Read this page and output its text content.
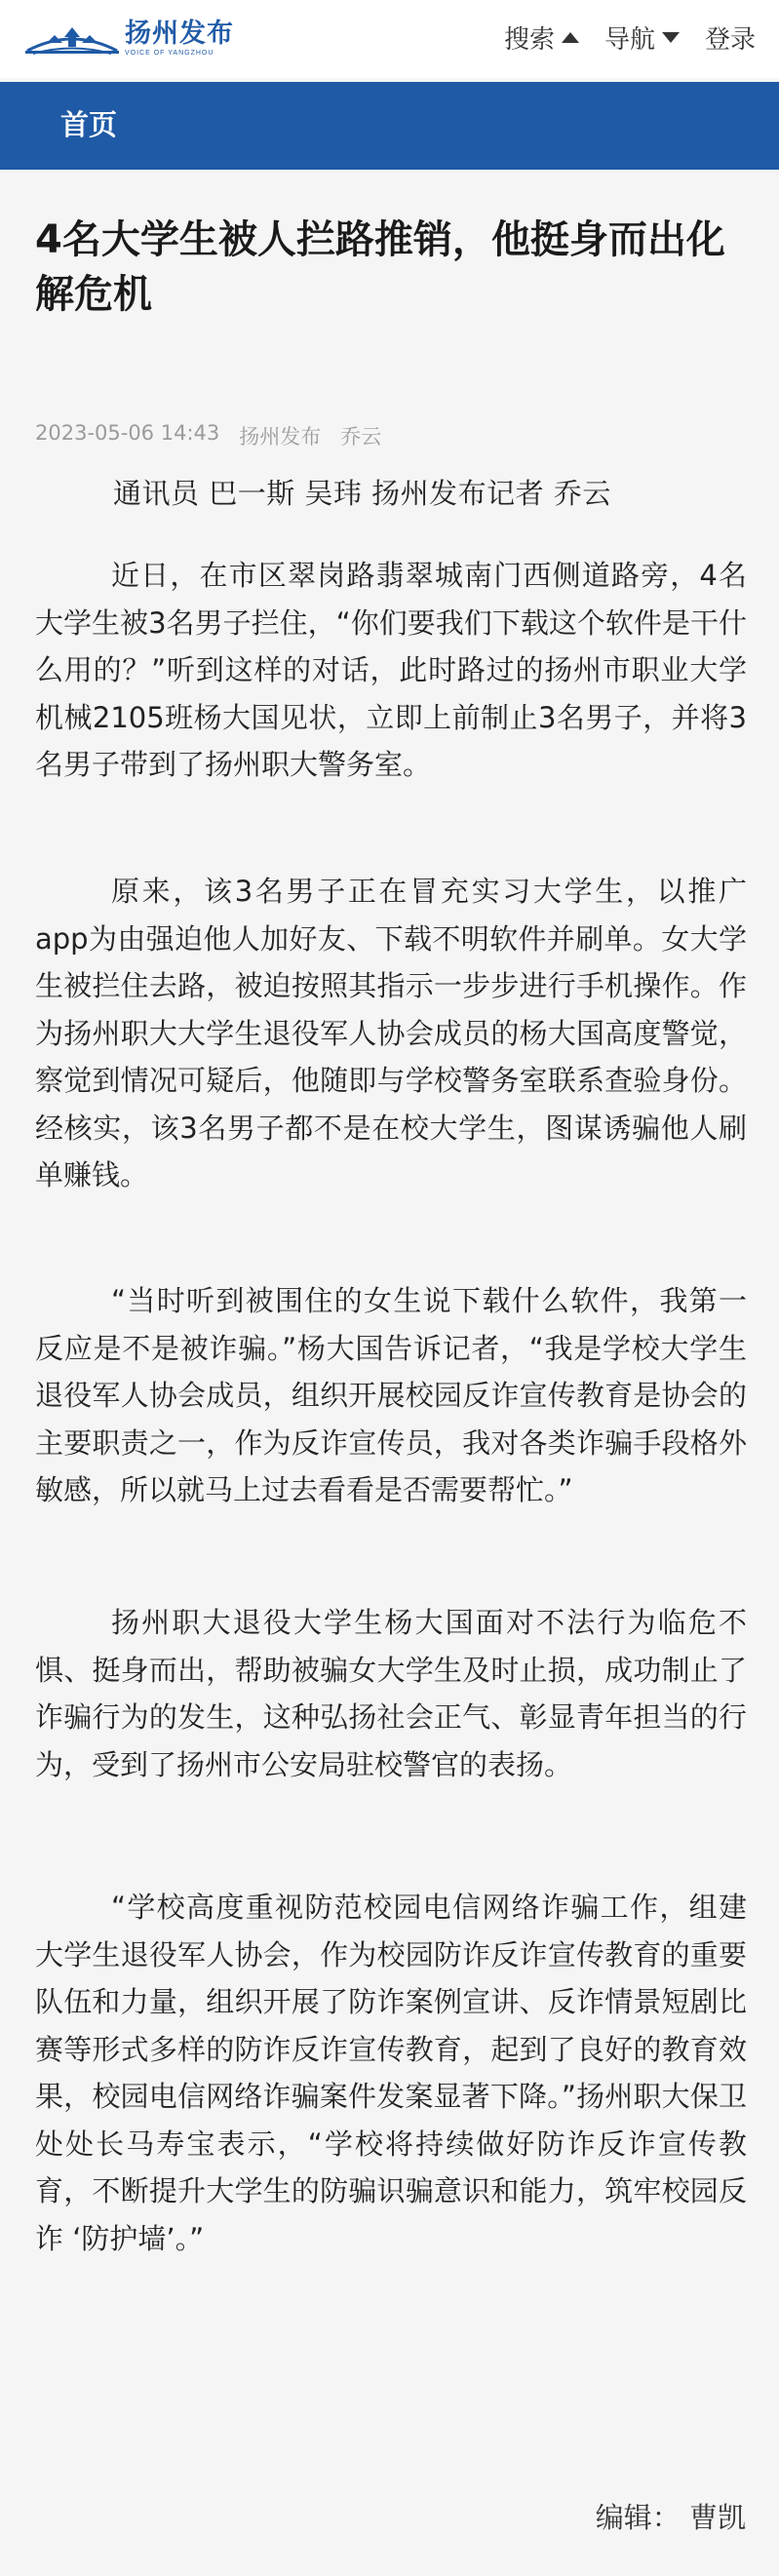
扬州发布
VOICE OF YANGZHOU	搜索 导航 登录
首页
4名大学生被人拦路推销，他挺身而出化解危机
2023-05-06 14:43 扬州发布 乔云
通讯员 巴一斯 吴玮 扬州发布记者 乔云

近日，在市区翠岗路翡翠城南门西侧道路旁，4名大学生被3名男子拦住，“你们要我们下载这个软件是干什么用的？”听到这样的对话，此时路过的扬州市职业大学机械2105班杨大国见状，立即上前制止3名男子，并将3名男子带到了扬州职大警务室。

原来，该3名男子正在冒充实习大学生，以推广app为由强迫他人加好友、下载不明软件并刷单。女大学生被拦住去路，被迫按照其指示一步步进行手机操作。作为扬州职大大学生退役军人协会成员的杨大国高度警觉，察觉到情况可疑后，他随即与学校警务室联系查验身份。经核实，该3名男子都不是在校大学生，图谋诱骗他人刷单赚钱。

“当时听到被围住的女生说下载什么软件，我第一反应是不是被诈骗。”杨大国告诉记者，“我是学校大学生退役军人协会成员，组织开展校园反诈宣传教育是协会的主要职责之一，作为反诈宣传员，我对各类诈骗手段格外敏感，所以就马上过去看看是否需要帮忙。”

扬州职大退役大学生杨大国面对不法行为临危不惧、挺身而出，帮助被骗女大学生及时止损，成功制止了诈骗行为的发生，这种弘扬社会正气、彰显青年担当的行为，受到了扬州市公安局驻校警官的表扬。

“学校高度重视防范校园电信网络诈骗工作，组建大学生退役军人协会，作为校园防诈反诈宣传教育的重要队伍和力量，组织开展了防诈案例宣讲、反诈情景短剧比赛等形式多样的防诈反诈宣传教育，起到了良好的教育效果，校园电信网络诈骗案件发案显著下降。”扬州职大保卫处处长马寿宝表示，“学校将持续做好防诈反诈宣传教育，不断提升大学生的防骗识骗意识和能力，筑牢校园反诈 ‘防护墙’。”

编辑： 曹凯
